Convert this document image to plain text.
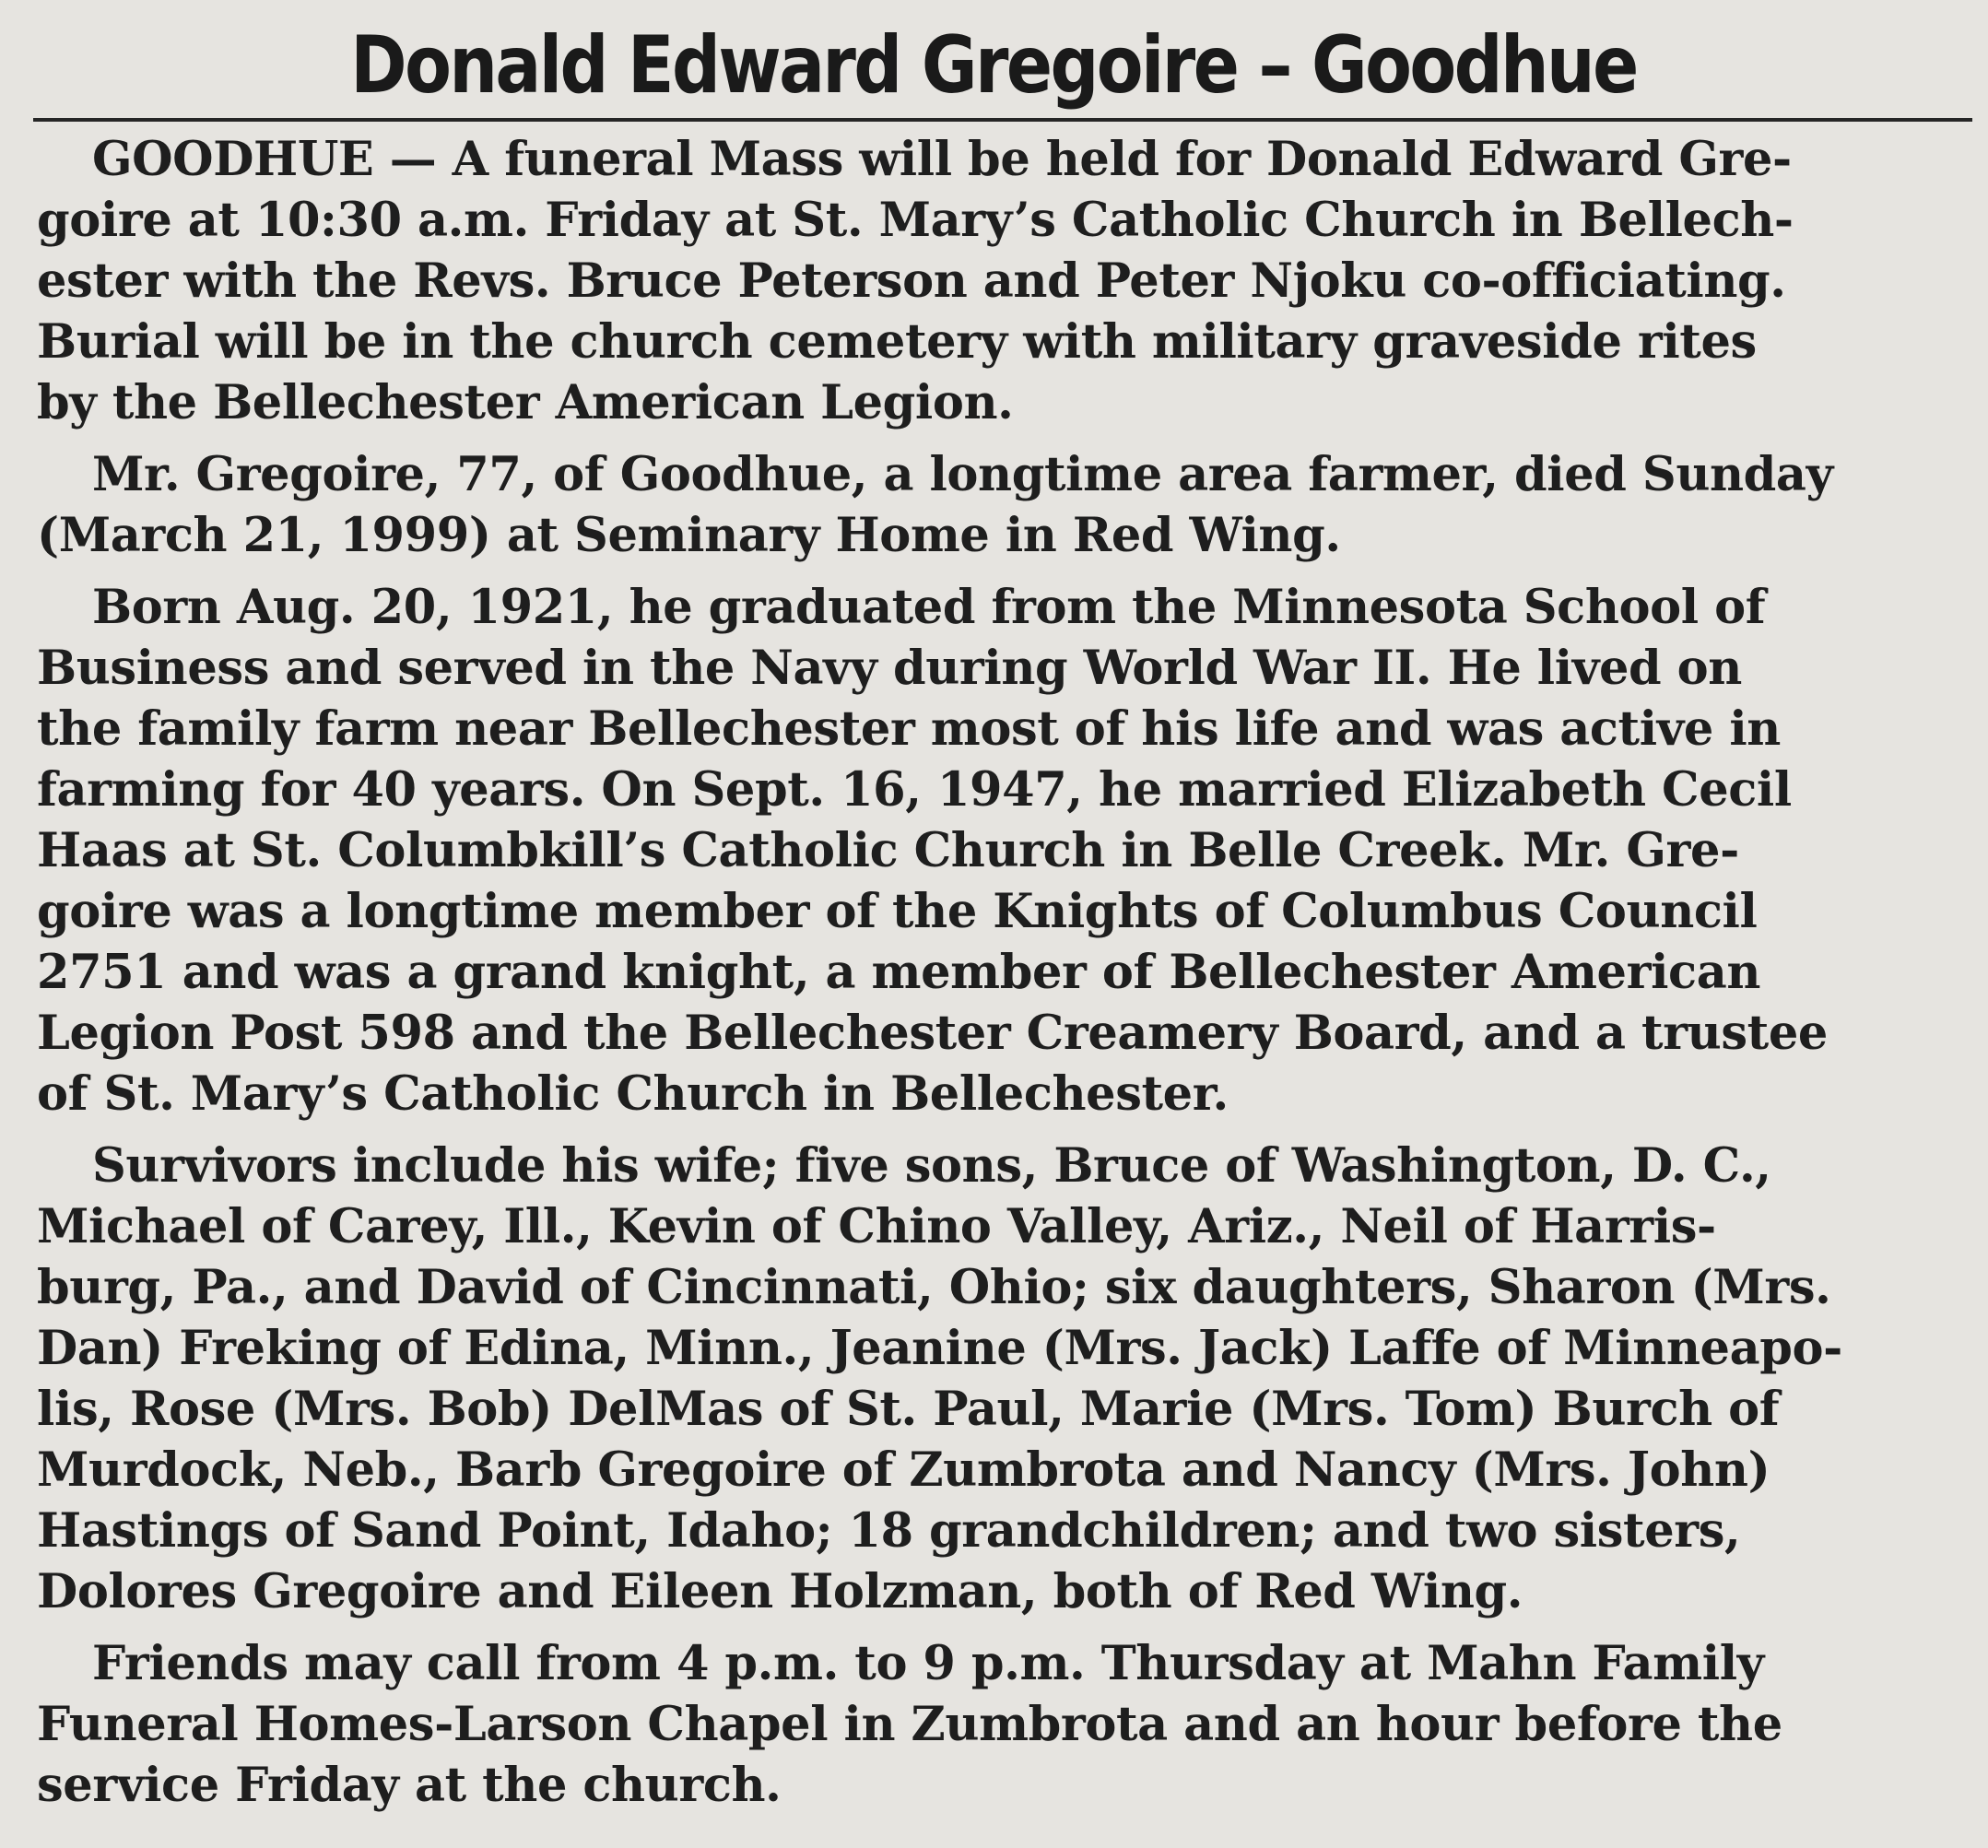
Donald Edward Gregoire – Goodhue
GOODHUE — A funeral Mass will be held for Donald Edward Gre-
goire at 10:30 a.m. Friday at St. Mary’s Catholic Church in Bellech-
ester with the Revs. Bruce Peterson and Peter Njoku co-officiating.
Burial will be in the church cemetery with military graveside rites
by the Bellechester American Legion.
Mr. Gregoire, 77, of Goodhue, a longtime area farmer, died Sunday
(March 21, 1999) at Seminary Home in Red Wing.
Born Aug. 20, 1921, he graduated from the Minnesota School of
Business and served in the Navy during World War II. He lived on
the family farm near Bellechester most of his life and was active in
farming for 40 years. On Sept. 16, 1947, he married Elizabeth Cecil
Haas at St. Columbkill’s Catholic Church in Belle Creek. Mr. Gre-
goire was a longtime member of the Knights of Columbus Council
2751 and was a grand knight, a member of Bellechester American
Legion Post 598 and the Bellechester Creamery Board, and a trustee
of St. Mary’s Catholic Church in Bellechester.
Survivors include his wife; five sons, Bruce of Washington, D. C.,
Michael of Carey, Ill., Kevin of Chino Valley, Ariz., Neil of Harris-
burg, Pa., and David of Cincinnati, Ohio; six daughters, Sharon (Mrs.
Dan) Freking of Edina, Minn., Jeanine (Mrs. Jack) Laffe of Minneapo-
lis, Rose (Mrs. Bob) DelMas of St. Paul, Marie (Mrs. Tom) Burch of
Murdock, Neb., Barb Gregoire of Zumbrota and Nancy (Mrs. John)
Hastings of Sand Point, Idaho; 18 grandchildren; and two sisters,
Dolores Gregoire and Eileen Holzman, both of Red Wing.
Friends may call from 4 p.m. to 9 p.m. Thursday at Mahn Family
Funeral Homes-Larson Chapel in Zumbrota and an hour before the
service Friday at the church.
